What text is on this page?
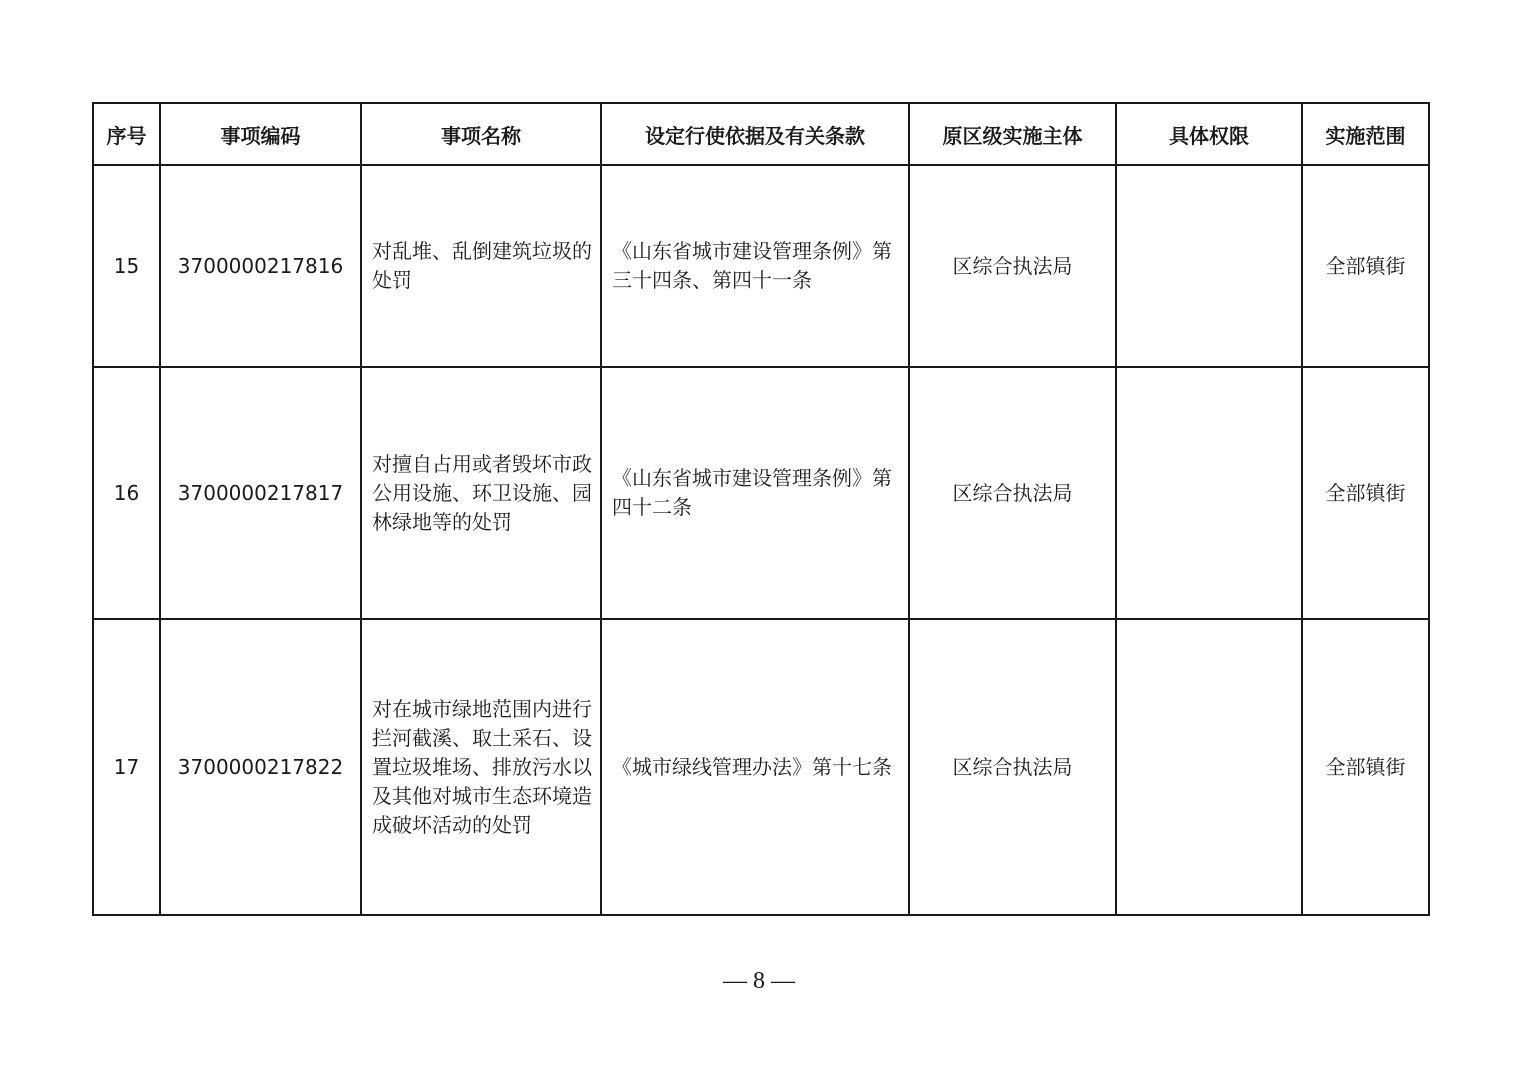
序号	事项编码	事项名称	设定行使依据及有关条款	原区级实施主体	具体权限	实施范围
15	3700000217816	对乱堆、乱倒建筑垃圾的处罚	《山东省城市建设管理条例》第三十四条、第四十一条	区综合执法局		全部镇街
16	3700000217817	对擅自占用或者毁坏市政公用设施、环卫设施、园林绿地等的处罚	《山东省城市建设管理条例》第四十二条	区综合执法局		全部镇街
17	3700000217822	对在城市绿地范围内进行拦河截溪、取土采石、设置垃圾堆场、排放污水以及其他对城市生态环境造成破坏活动的处罚	《城市绿线管理办法》第十七条	区综合执法局		全部镇街
— 8 —
